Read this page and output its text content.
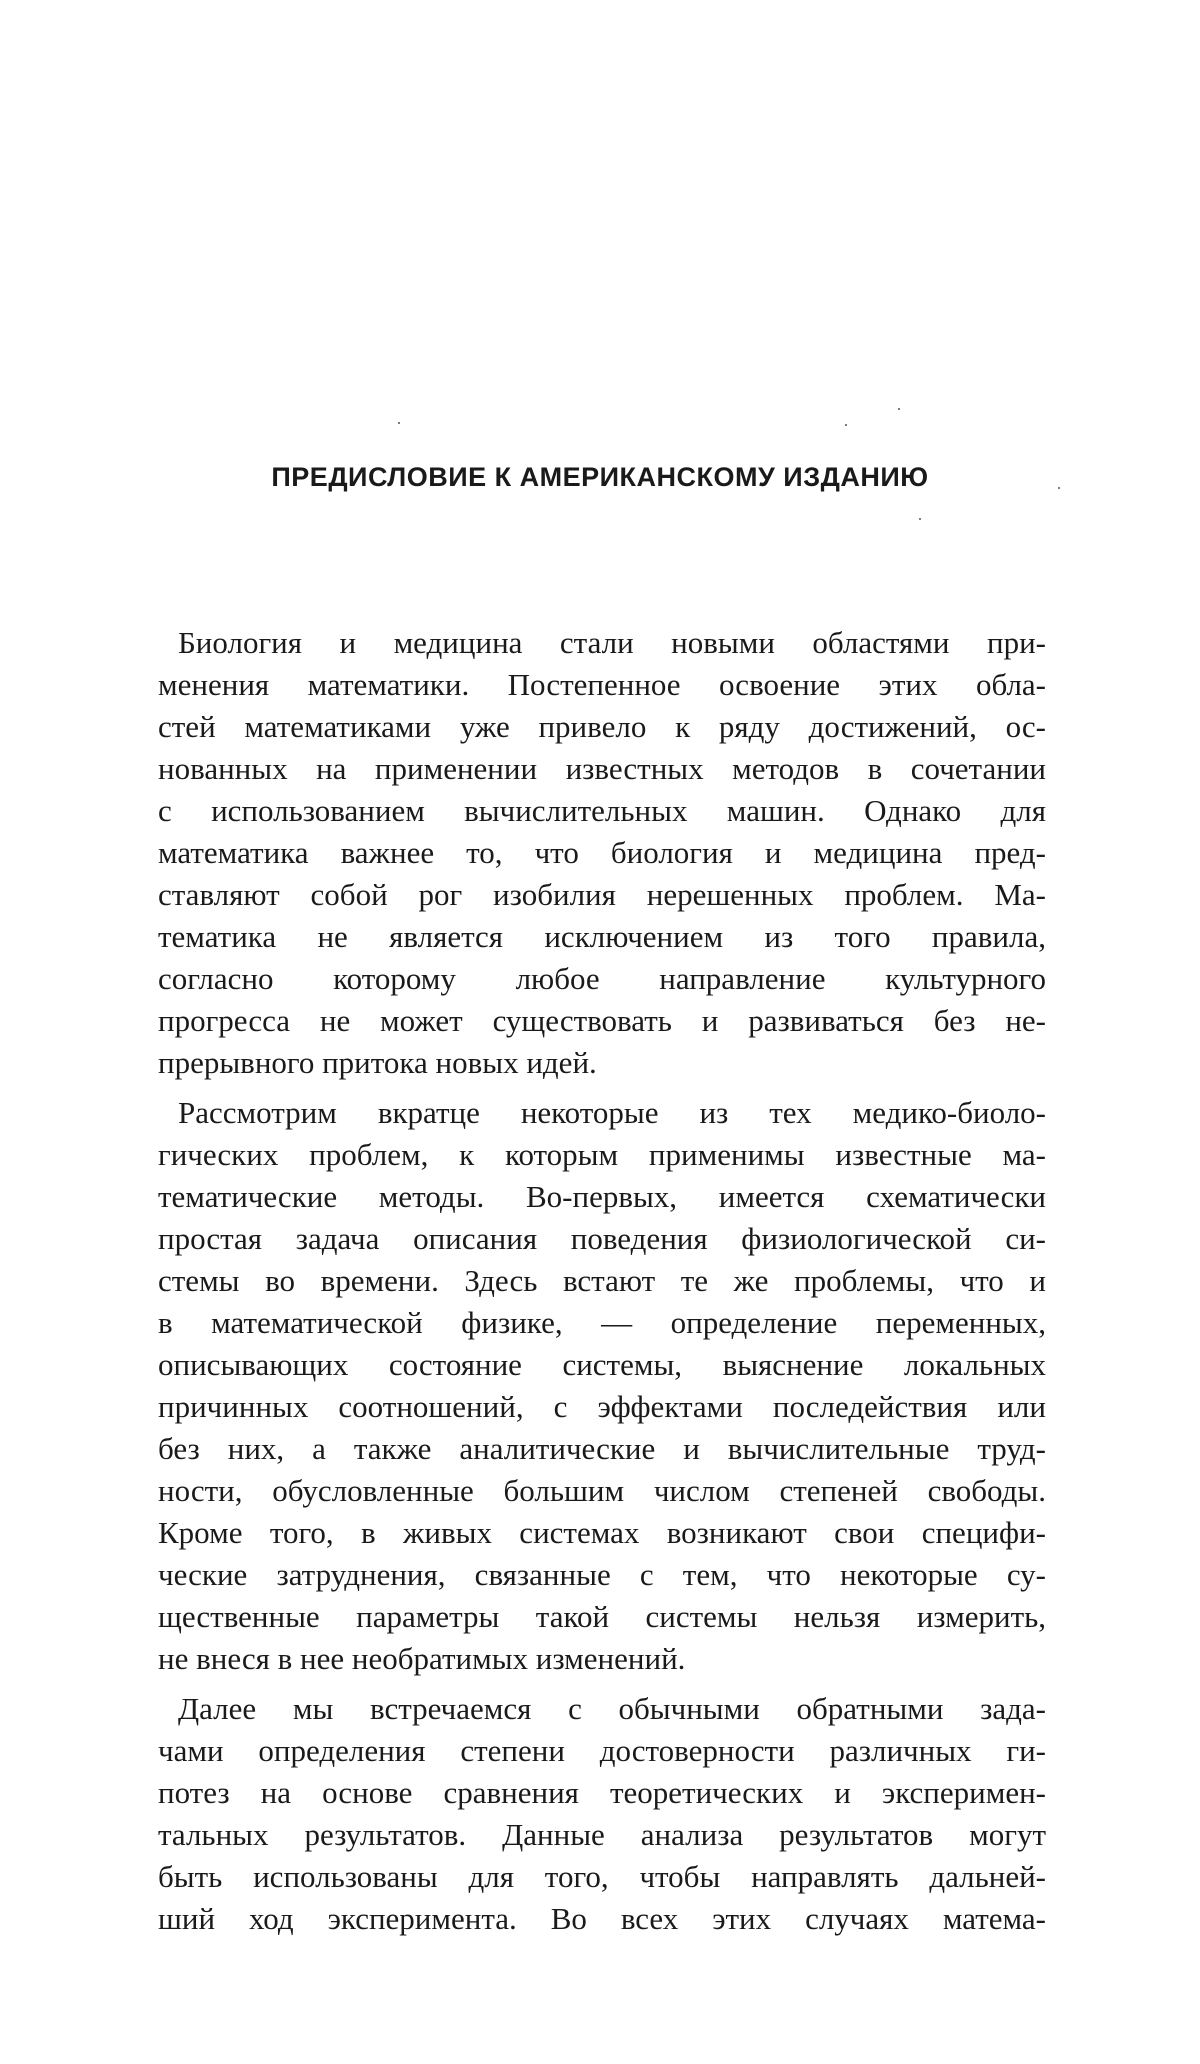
ПРЕДИСЛОВИЕ К АМЕРИКАНСКОМУ ИЗДАНИЮ
Биология и медицина стали новыми областями при-
менения математики. Постепенное освоение этих обла-
стей математиками уже привело к ряду достижений, ос-
нованных на применении известных методов в сочетании
с использованием вычислительных машин. Однако для
математика важнее то, что биология и медицина пред-
ставляют собой рог изобилия нерешенных проблем. Ма-
тематика не является исключением из того правила,
согласно которому любое направление культурного
прогресса не может существовать и развиваться без не-
прерывного притока новых идей.
Рассмотрим вкратце некоторые из тех медико-биоло-
гических проблем, к которым применимы известные ма-
тематические методы. Во-первых, имеется схематически
простая задача описания поведения физиологической си-
стемы во времени. Здесь встают те же проблемы, что и
в математической физике, — определение переменных,
описывающих состояние системы, выяснение локальных
причинных соотношений, с эффектами последействия или
без них, а также аналитические и вычислительные труд-
ности, обусловленные большим числом степеней свободы.
Кроме того, в живых системах возникают свои специфи-
ческие затруднения, связанные с тем, что некоторые су-
щественные параметры такой системы нельзя измерить,
не внеся в нее необратимых изменений.
Далее мы встречаемся с обычными обратными зада-
чами определения степени достоверности различных ги-
потез на основе сравнения теоретических и эксперимен-
тальных результатов. Данные анализа результатов могут
быть использованы для того, чтобы направлять дальней-
ший ход эксперимента. Во всех этих случаях матема-
